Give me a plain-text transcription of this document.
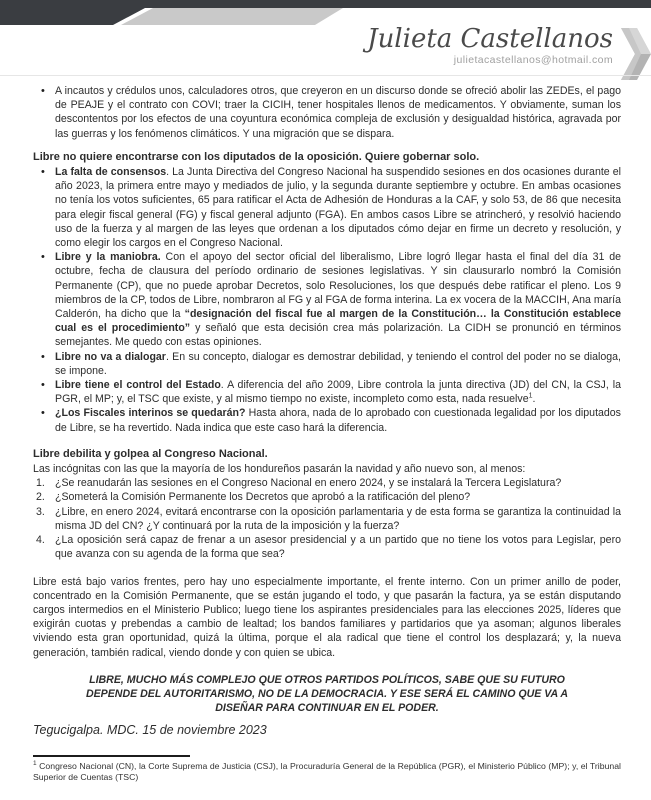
Julieta Castellanos
julietacastellanos@hotmail.com
• A incautos y crédulos unos, calculadores otros, que creyeron en un discurso donde se ofreció abolir las ZEDEs, el pago de PEAJE y el contrato con COVI; traer la CICIH, tener hospitales llenos de medicamentos. Y obviamente, suman los descontentos por los efectos de una coyuntura económica compleja de exclusión y desigualdad histórica, agravada por las guerras y los fenómenos climáticos. Y una migración que se dispara.

Libre no quiere encontrarse con los diputados de la oposición. Quiere gobernar solo.

• La falta de consensos. La Junta Directiva del Congreso Nacional ha suspendido sesiones en dos ocasiones durante el año 2023, la primera entre mayo y mediados de julio, y la segunda durante septiembre y octubre. En ambas ocasiones no tenía los votos suficientes, 65 para ratificar el Acta de Adhesión de Honduras a la CAF, y solo 53, de 86 que necesita para elegir fiscal general (FG) y fiscal general adjunto (FGA). En ambos casos Libre se atrincheró, y resolvió haciendo uso de la fuerza y al margen de las leyes que ordenan a los diputados cómo dejar en firme un decreto y resolución, y como elegir los cargos en el Congreso Nacional.
• Libre y la maniobra. Con el apoyo del sector oficial del liberalismo, Libre logró llegar hasta el final del día 31 de octubre, fecha de clausura del período ordinario de sesiones legislativas. Y sin clausurarlo nombró la Comisión Permanente (CP), que no puede aprobar Decretos, solo Resoluciones, los que después debe ratificar el pleno. Los 9 miembros de la CP, todos de Libre, nombraron al FG y al FGA de forma interina. La ex vocera de la MACCIH, Ana maría Calderón, ha dicho que la “designación del fiscal fue al margen de la Constitución… la Constitución establece cual es el procedimiento” y señaló que esta decisión crea más polarización. La CIDH se pronunció en términos semejantes. Me quedo con estas opiniones.
• Libre no va a dialogar. En su concepto, dialogar es demostrar debilidad, y teniendo el control del poder no se dialoga, se impone.
• Libre tiene el control del Estado. A diferencia del año 2009, Libre controla la junta directiva (JD) del CN, la CSJ, la PGR, el MP; y, el TSC que existe, y al mismo tiempo no existe, incompleto como esta, nada resuelve$^1$.
• ¿Los Fiscales interinos se quedarán? Hasta ahora, nada de lo aprobado con cuestionada legalidad por los diputados de Libre, se ha revertido. Nada indica que este caso hará la diferencia.

Libre debilita y golpea al Congreso Nacional.

Las incógnitas con las que la mayoría de los hondureños pasarán la navidad y año nuevo son, al menos:

1. ¿Se reanudarán las sesiones en el Congreso Nacional en enero 2024, y se instalará la Tercera Legislatura?
2. ¿Someterá la Comisión Permanente los Decretos que aprobó a la ratificación del pleno?
3. ¿Libre, en enero 2024, evitará encontrarse con la oposición parlamentaria y de esta forma se garantiza la continuidad la misma JD del CN? ¿Y continuará por la ruta de la imposición y la fuerza?
4. ¿La oposición será capaz de frenar a un asesor presidencial y a un partido que no tiene los votos para Legislar, pero que avanza con su agenda de la forma que sea?

Libre está bajo varios frentes, pero hay uno especialmente importante, el frente interno. Con un primer anillo de poder, concentrado en la Comisión Permanente, que se están jugando el todo, y que pasarán la factura, ya se están disputando cargos intermedios en el Ministerio Publico; luego tiene los aspirantes presidenciales para las elecciones 2025, líderes que exigirán cuotas y prebendas a cambio de lealtad; los bandos familiares y partidarios que ya asoman; algunos liberales viviendo esta gran oportunidad, quizá la última, porque el ala radical que tiene el control los desplazará; y, la nueva generación, también radical, viendo donde y con quien se ubica.

LIBRE, MUCHO MÁS COMPLEJO QUE OTROS PARTIDOS POLÍTICOS, SABE QUE SU FUTURO DEPENDE DEL AUTORITARISMO, NO DE LA DEMOCRACIA. Y ESE SERÁ EL CAMINO QUE VA A DISEÑAR PARA CONTINUAR EN EL PODER.

Tegucigalpa. MDC. 15 de noviembre 2023

$^1$ Congreso Nacional (CN), la Corte Suprema de Justicia (CSJ), la Procuraduría General de la República (PGR), el Ministerio Público (MP); y, el Tribunal Superior de Cuentas (TSC)
